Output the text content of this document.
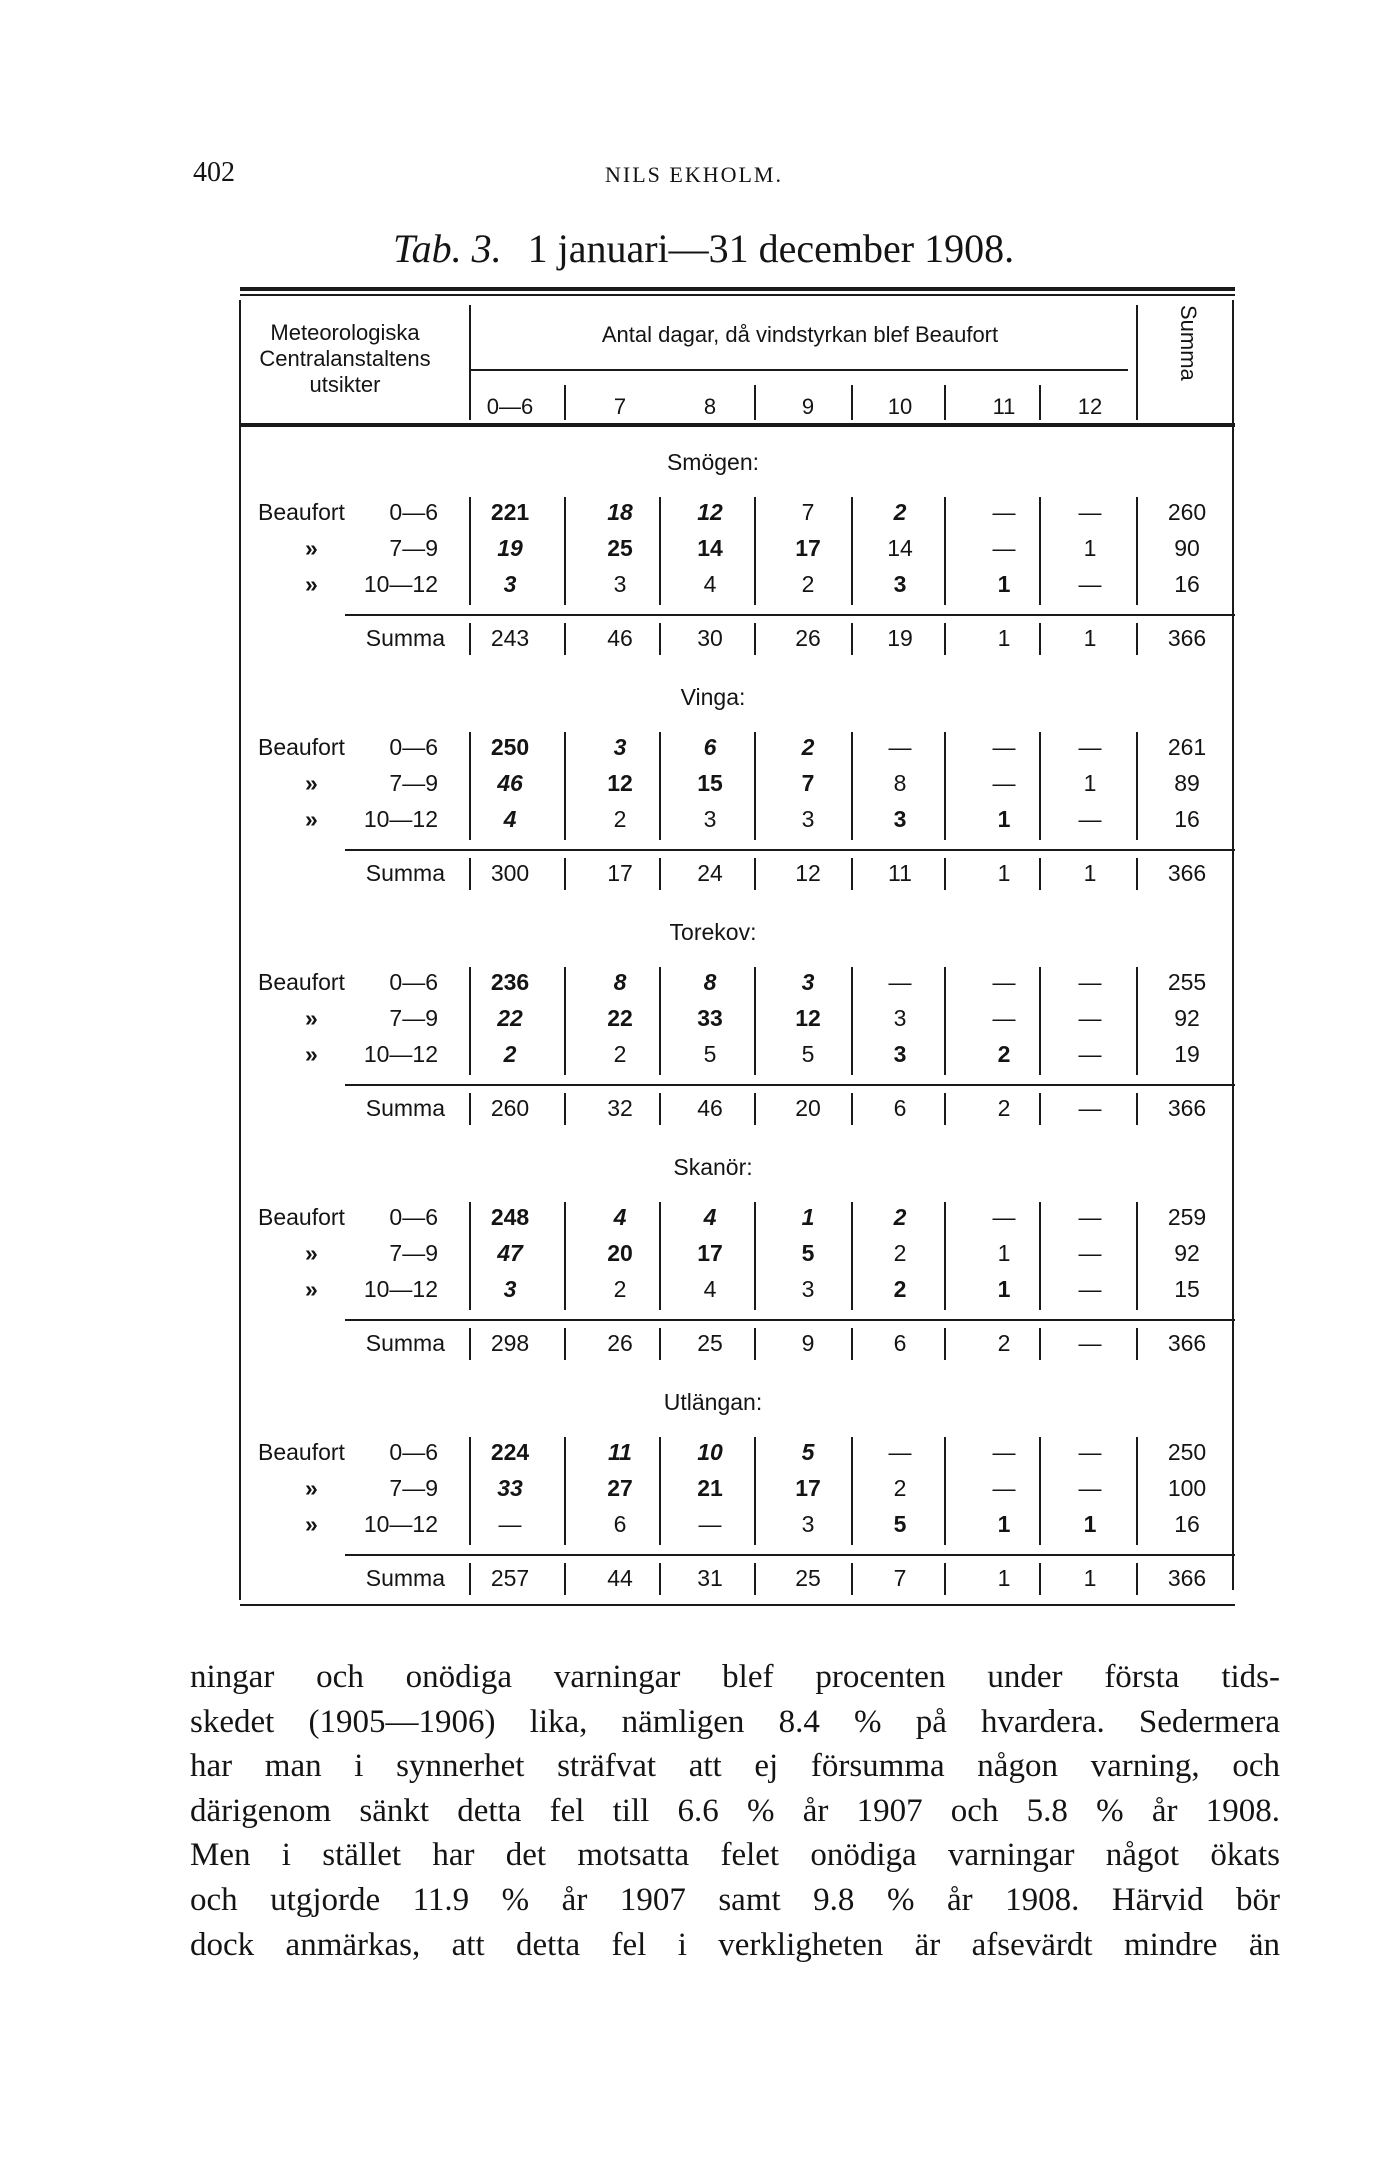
402	NILS EKHOLM.
Tab. 3. 1 januari—31 december 1908.
Meteorologiska
Centralanstaltens
utsikter
Antal dagar, då vindstyrkan blef Beaufort
0—6	7	8	9	10	11	12
Summa
Smögen:
Beaufort 0—6 221	18	12	7	2	—	—	260
»	7—9	19	25	14	17	14	—	1	90
» 10—12	3	3	4	2	3	1	—	16
Summa 243	46	30	26	19	1	1	366
Vinga:
Beaufort 0—6 250	3	6	2	—	—	—	261
»	7—9	46	12	15	7	8	—	1	89
» 10—12	4	2	3	3	3	1	—	16
Summa 300	17	24	12	11	1	1	366
Torekov:
Beaufort 0—6 236	8	8	3	—	—	—	255
»	7—9	22	22	33	12	3	—	—	92
» 10—12	2	2	5	5	3	2	—	19
Summa 260	32	46	20	6	2	—	366
Skanör:
Beaufort 0—6 248	4	4	1	2	—	—	259
»	7—9	47	20	17	5	2	1	—	92
» 10—12	3	2	4	3	2	1	—	15
Summa 298	26	25	9	6	2	—	366
Utlängan:
Beaufort 0—6 224	11	10	5	—	—	—	250
»	7—9	33	27	21	17	2	—	—	100
» 10—12	—	6	—	3	5	1	1	16
Summa 257	44	31	25	7	1	1	366
ningar och onödiga varningar blef procenten under första tids-
skedet (1905—1906) lika, nämligen 8.4 % på hvardera. Sedermera
har man i synnerhet sträfvat att ej försumma någon varning, och
därigenom sänkt detta fel till 6.6 % år 1907 och 5.8 % år 1908.
Men i stället har det motsatta felet onödiga varningar något ökats
och utgjorde 11.9 % år 1907 samt 9.8 % år 1908. Härvid bör
dock anmärkas, att detta fel i verkligheten är afsevärdt mindre än
